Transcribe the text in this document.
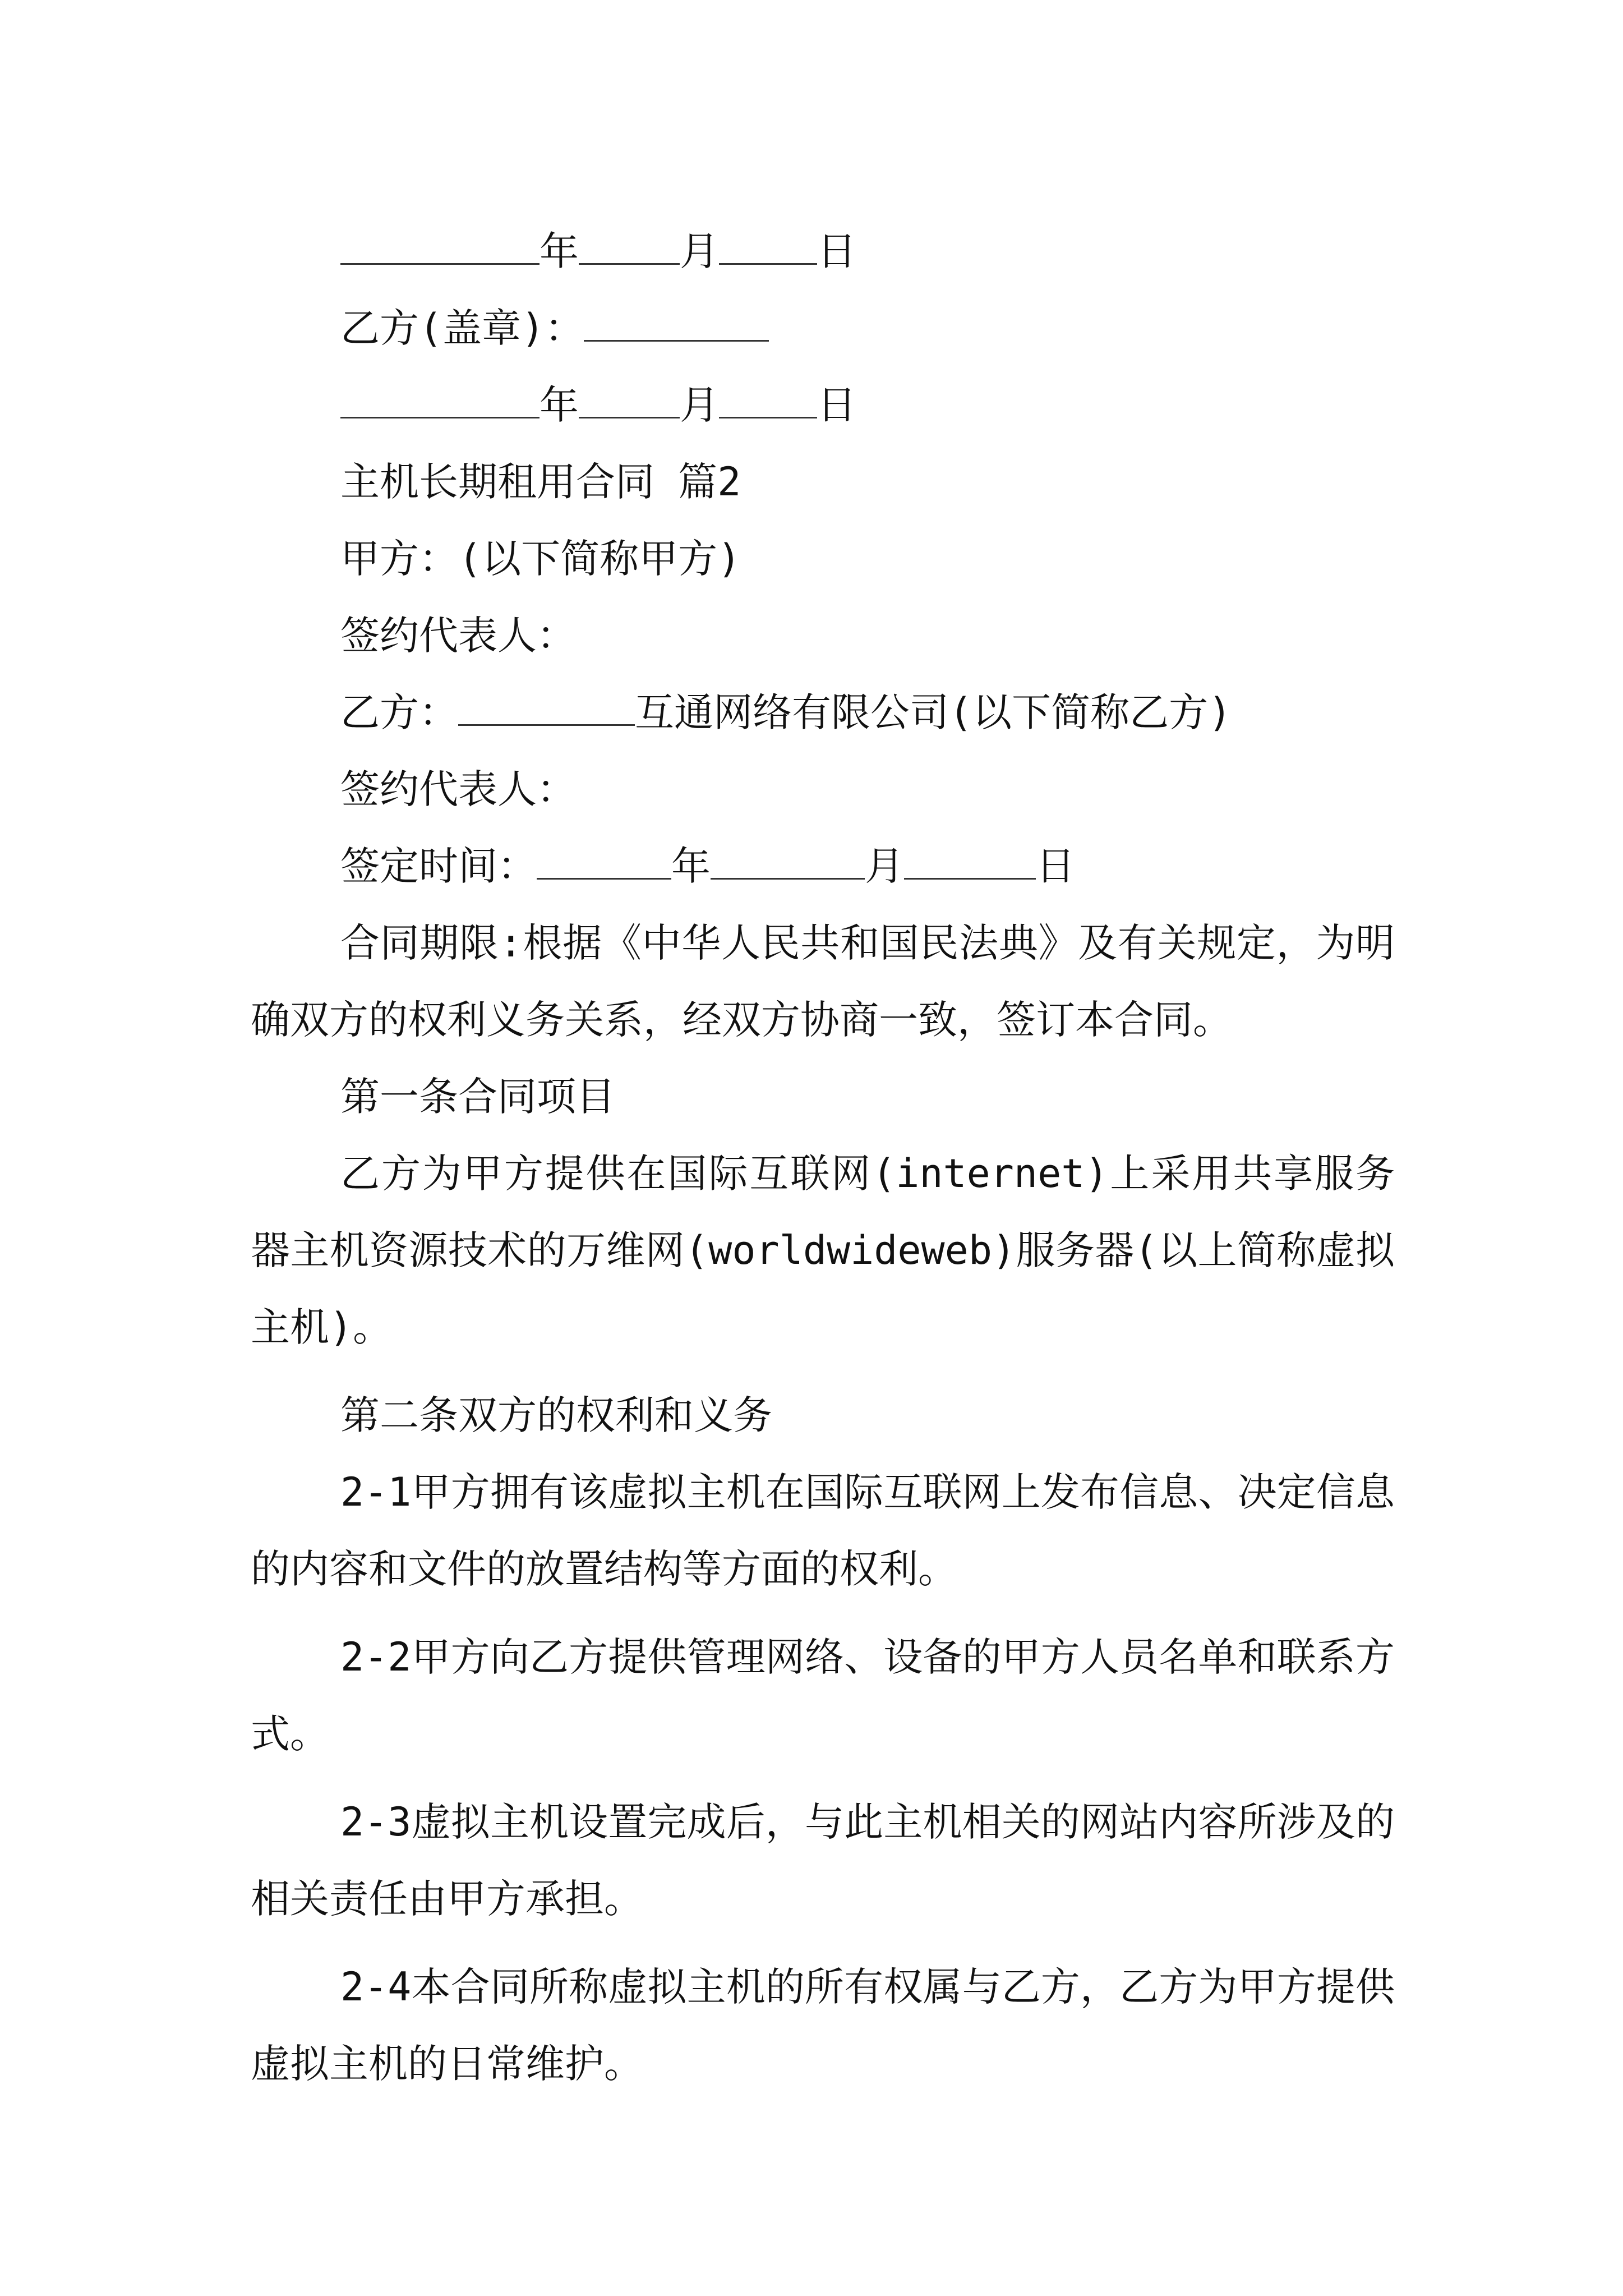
年	月	日
乙方(盖章)：
年	月	日
主机长期租用合同 篇2
甲方：(以下简称甲方)
签约代表人：
乙方：	互通网络有限公司(以下简称乙方)
签约代表人：
签定时间：	年	月	日

合同期限:根据《中华人民共和国民法典》及有关规定，为明确双方的权利义务关系，经双方协商一致，签订本合同。

第一条合同项目

乙方为甲方提供在国际互联网(internet)上采用共享服务器主机资源技术的万维网(worldwideweb)服务器(以上简称虚拟主机)。

第二条双方的权利和义务

2-1甲方拥有该虚拟主机在国际互联网上发布信息、决定信息的内容和文件的放置结构等方面的权利。

2-2甲方向乙方提供管理网络、设备的甲方人员名单和联系方式。

2-3虚拟主机设置完成后，与此主机相关的网站内容所涉及的相关责任由甲方承担。

2-4本合同所称虚拟主机的所有权属与乙方，乙方为甲方提供虚拟主机的日常维护。
